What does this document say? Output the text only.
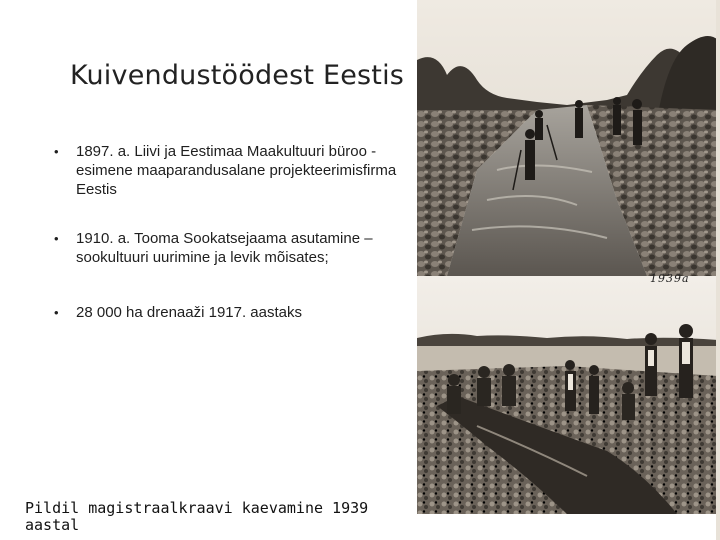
Kuivendustöödest Eestis
• 1897. a. Liivi ja Eestimaa Maakultuuri büroo - esimene maaparandusalane projekteerimisfirma Eestis
• 1910. a. Tooma Sookatsejaama asutamine – sookultuuri uurimine ja levik mõisates;
• 28 000 ha drenaaži 1917. aastaks
1939a
Pildil magistraalkraavi kaevamine 1939 aastal
